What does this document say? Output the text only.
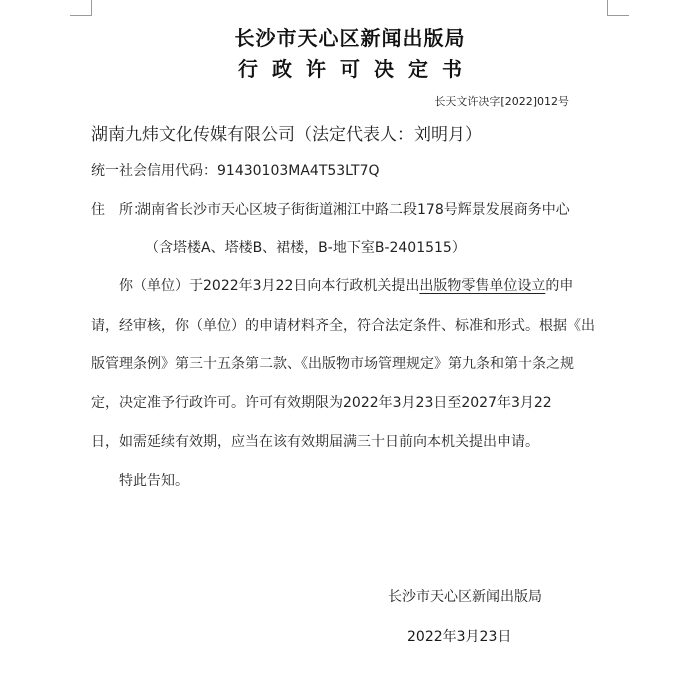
长沙市天心区新闻出版局
行政许可决定书
长天文许决字[2022]012号
湖南九炜文化传媒有限公司（法定代表人：刘明月）
统一社会信用代码：91430103MA4T53LT7Q
住　所：湖南省长沙市天心区坡子街街道湘江中路二段178号辉景发展商务中心
（含塔楼A、塔楼B、裙楼，B-地下室B-2401515）
你（单位）于2022年3月22日向本行政机关提出出版物零售单位设立的申
请，经审核，你（单位）的申请材料齐全，符合法定条件、标准和形式。根据《出
版管理条例》第三十五条第二款、《出版物市场管理规定》第九条和第十条之规
定，决定准予行政许可。许可有效期限为2022年3月23日至2027年3月22
日，如需延续有效期，应当在该有效期届满三十日前向本机关提出申请。
特此告知。
长沙市天心区新闻出版局
2022年3月23日
